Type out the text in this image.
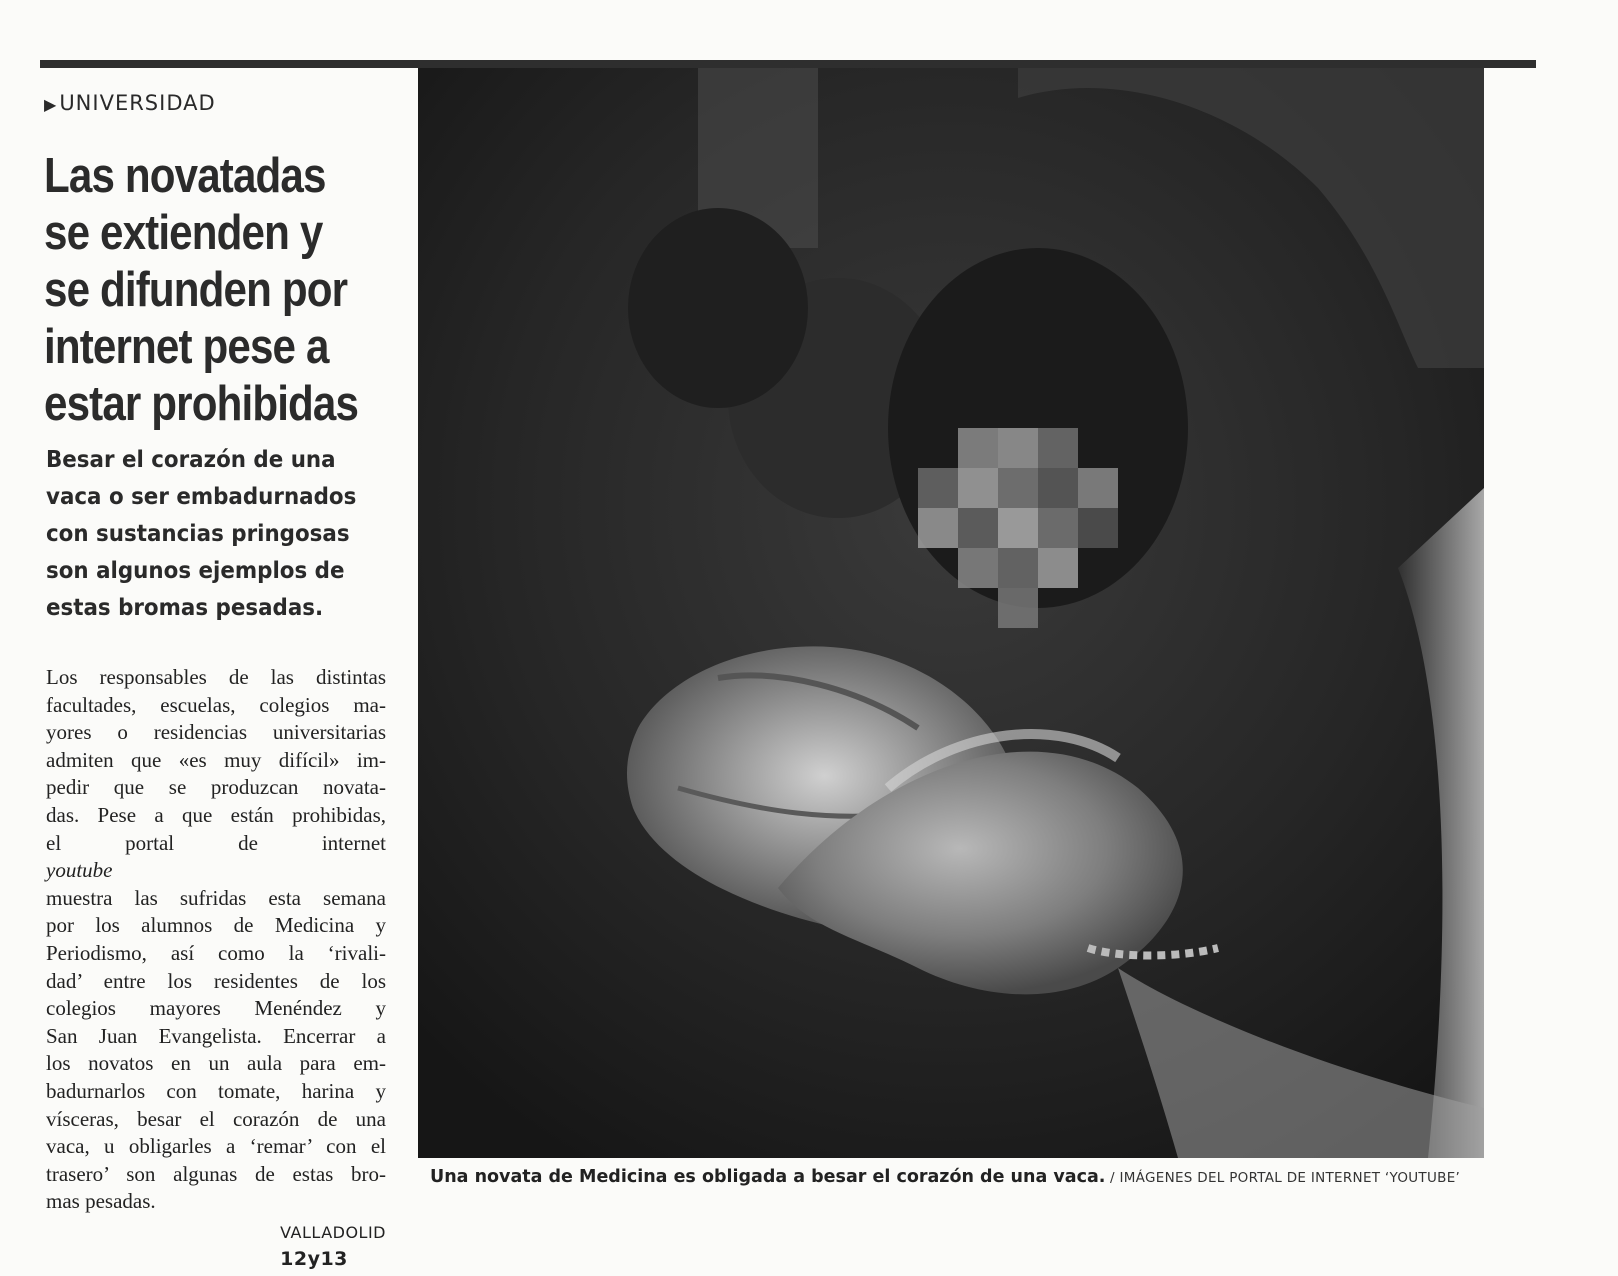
▶UNIVERSIDAD
Las novatadas
se extienden y
se difunden por
internet pese a
estar prohibidas
Besar el corazón de una
vaca o ser embadurnados
con sustancias pringosas
son algunos ejemplos de
estas bromas pesadas.
Los responsables de las distintas
facultades, escuelas, colegios ma-
yores o residencias universitarias
admiten que «es muy difícil» im-
pedir que se produzcan novata-
das. Pese a que están prohibidas,
el portal de internet
youtube
muestra las sufridas esta semana
por los alumnos de Medicina y
Periodismo, así como la ‘rivali-
dad’ entre los residentes de los
colegios mayores Menéndez y
San Juan Evangelista. Encerrar a
los novatos en un aula para em-
badurnarlos con tomate, harina y
vísceras, besar el corazón de una
vaca, u obligarles a ‘remar’ con el
trasero’ son algunas de estas bro-
mas pesadas.
VALLADOLID
12y13
Una novata de Medicina es obligada a besar el corazón de una vaca. / IMÁGENES DEL PORTAL DE INTERNET ‘YOUTUBE’
